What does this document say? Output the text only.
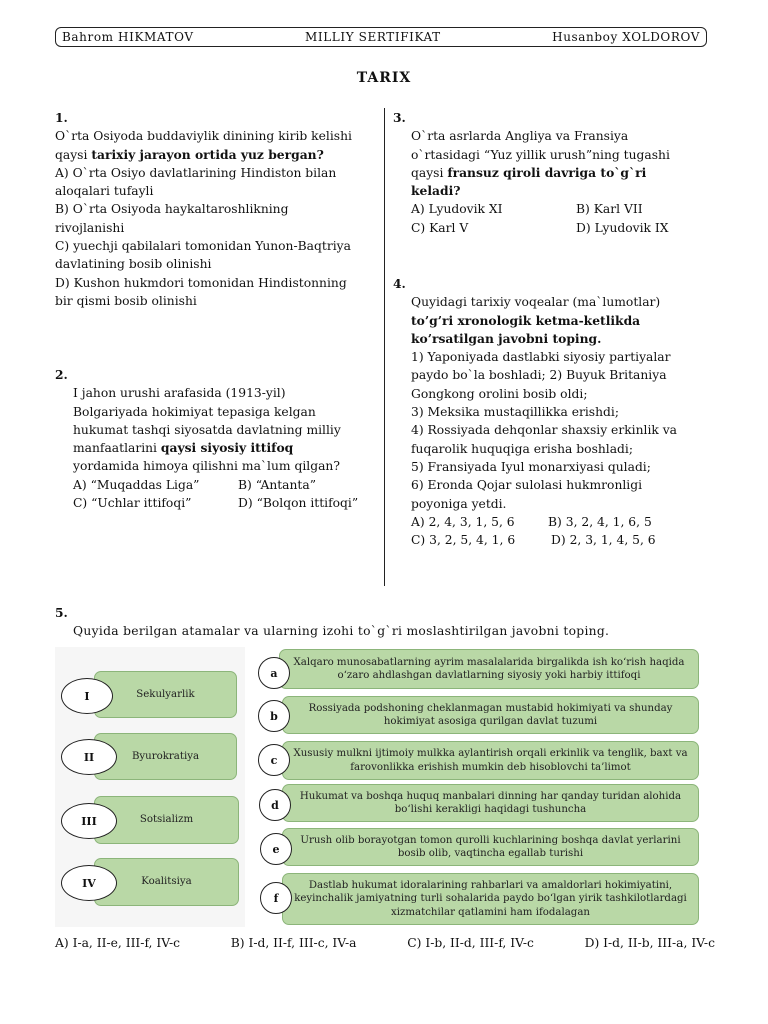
Bahrom HIKMATOV	MILLIY SERTIFIKAT	Husanboy XOLDOROV
TARIX
1.
O`rta Osiyoda buddaviylik dinining kirib kelishi
qaysi tarixiy jarayon ortida yuz bergan?
A) O`rta Osiyo davlatlarining Hindiston bilan
aloqalari tufayli
B) O`rta Osiyoda haykaltaroshlikning
rivojlanishi
C) yuechji qabilalari tomonidan Yunon-Baqtriya
davlatining bosib olinishi
D) Kushon hukmdori tomonidan Hindistonning
bir qismi bosib olinishi
2.
I jahon urushi arafasida (1913-yil)
Bolgariyada hokimiyat tepasiga kelgan
hukumat tashqi siyosatda davlatning milliy
manfaatlarini qaysi siyosiy ittifoq
yordamida himoya qilishni ma`lum qilgan?
A) “Muqaddas Liga”	B) “Antanta”
C) “Uchlar ittifoqi”	D) “Bolqon ittifoqi”
3.
O`rta asrlarda Angliya va Fransiya
o`rtasidagi “Yuz yillik urush”ning tugashi
qaysi fransuz qiroli davriga to`g`ri
keladi?
A) Lyudovik XI	B) Karl VII
C) Karl V	D) Lyudovik IX
4.
Quyidagi tarixiy voqealar (ma`lumotlar)
to’g’ri xronologik ketma-ketlikda
ko’rsatilgan javobni toping.
1) Yaponiyada dastlabki siyosiy partiyalar
paydo bo`la boshladi; 2) Buyuk Britaniya
Gongkong orolini bosib oldi;
3) Meksika mustaqillikka erishdi;
4) Rossiyada dehqonlar shaxsiy erkinlik va
fuqarolik huquqiga erisha boshladi;
5) Fransiyada Iyul monarxiyasi quladi;
6) Eronda Qojar sulolasi hukmronligi
poyoniga yetdi.
A) 2, 4, 3, 1, 5, 6	B) 3, 2, 4, 1, 6, 5
C) 3, 2, 5, 4, 1, 6	D) 2, 3, 1, 4, 5, 6
5.
Quyida berilgan atamalar va ularning izohi to`g`ri moslashtirilgan javobni toping.
Sekulyarlik
I
Byurokratiya
II
Sotsializm
III
Koalitsiya
IV
Xalqaro munosabatlarning ayrim masalalarida birgalikda ish ko‘rish haqida o‘zaro ahdlashgan davlatlarning siyosiy yoki harbiy ittifoqi
a
Rossiyada podshoning cheklanmagan mustabid hokimiyati va shunday hokimiyat asosiga qurilgan davlat tuzumi
b
Xususiy mulkni ijtimoiy mulkka aylantirish orqali erkinlik va tenglik, baxt va farovonlikka erishish mumkin deb hisoblovchi ta’limot
c
Hukumat va boshqa huquq manbalari dinning har qanday turidan alohida bo‘lishi kerakligi haqidagi tushuncha
d
Urush olib borayotgan tomon qurolli kuchlarining boshqa davlat yerlarini bosib olib, vaqtincha egallab turishi
e
Dastlab hukumat idoralarining rahbarlari va amaldorlari hokimiyatini, keyinchalik jamiyatning turli sohalarida paydo bo‘lgan yirik tashkilotlardagi xizmatchilar qatlamini ham ifodalagan
f
A) I-a, II-e, III-f, IV-c	B) I-d, II-f, III-c, IV-a	C) I-b, II-d, III-f, IV-c	D) I-d, II-b, III-a, IV-c
